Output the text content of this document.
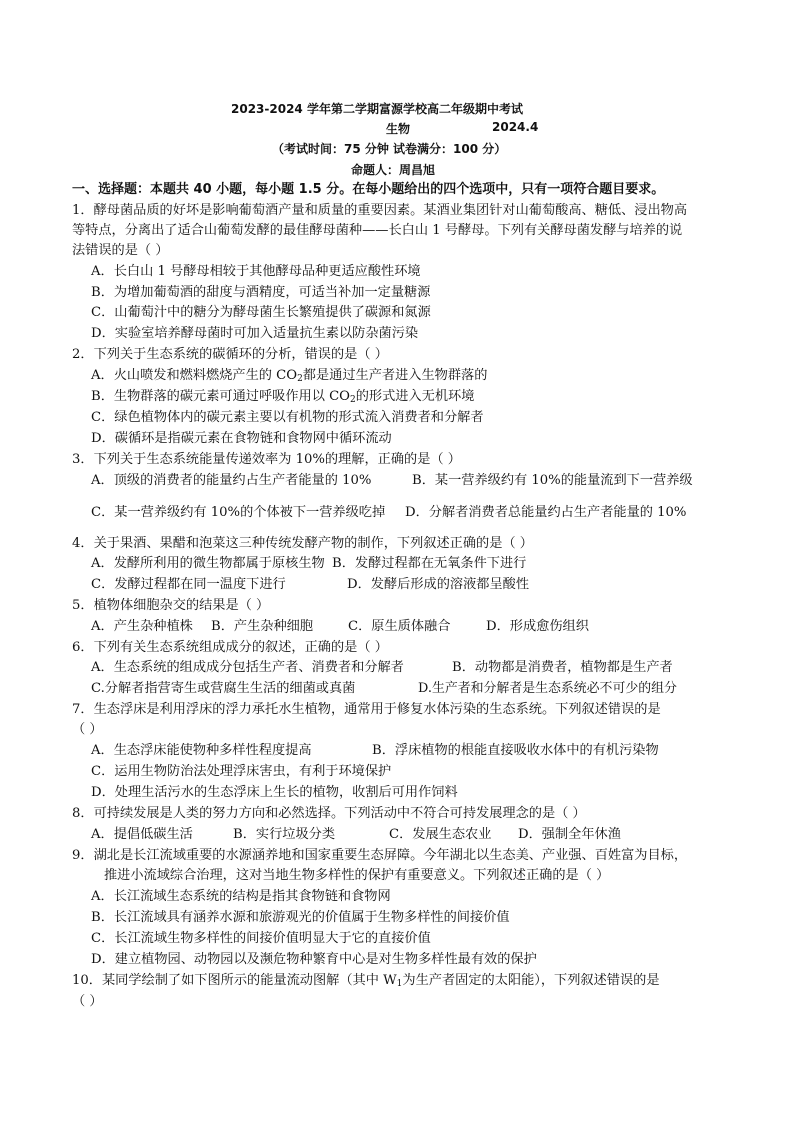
2023-2024 学年第二学期富源学校高二年级期中考试
生物	2024.4
（考试时间：75 分钟 试卷满分：100 分）
命题人：周昌旭
一、选择题：本题共 40 小题，每小题 1.5 分。在每小题给出的四个选项中，只有一项符合题目要求。
1．酵母菌品质的好坏是影响葡萄酒产量和质量的重要因素。某酒业集团针对山葡萄酸高、糖低、浸出物高
等特点，分离出了适合山葡萄发酵的最佳酵母菌种——长白山 1 号酵母。下列有关酵母菌发酵与培养的说
法错误的是（ ）
A．长白山 1 号酵母相较于其他酵母品种更适应酸性环境
B．为增加葡萄酒的甜度与酒精度，可适当补加一定量糖源
C．山葡萄汁中的糖分为酵母菌生长繁殖提供了碳源和氮源
D．实验室培养酵母菌时可加入适量抗生素以防杂菌污染
2．下列关于生态系统的碳循环的分析，错误的是（ ）
A．火山喷发和燃料燃烧产生的 $CO_2$都是通过生产者进入生物群落的
B．生物群落的碳元素可通过呼吸作用以 $CO_2$的形式进入无机环境
C．绿色植物体内的碳元素主要以有机物的形式流入消费者和分解者
D．碳循环是指碳元素在食物链和食物网中循环流动
3．下列关于生态系统能量传递效率为 10%的理解，正确的是（ ）
A．顶级的消费者的能量约占生产者能量的 10%	B．某一营养级约有 10%的能量流到下一营养级
C．某一营养级约有 10%的个体被下一营养级吃掉 D．分解者消费者总能量约占生产者能量的 10%
4．关于果酒、果醋和泡菜这三种传统发酵产物的制作，下列叙述正确的是（ ）
A．发酵所利用的微生物都属于原核生物 B．发酵过程都在无氧条件下进行
C．发酵过程都在同一温度下进行	D．发酵后形成的溶液都呈酸性
5．植物体细胞杂交的结果是（ ）
A．产生杂种植株 B．产生杂种细胞	C．原生质体融合	D．形成愈伤组织
6．下列有关生态系统组成成分的叙述，正确的是（ ）
A．生态系统的组成成分包括生产者、消费者和分解者	B．动物都是消费者，植物都是生产者
C.分解者指营寄生或营腐生生活的细菌或真菌	D.生产者和分解者是生态系统必不可少的组分
7．生态浮床是利用浮床的浮力承托水生植物，通常用于修复水体污染的生态系统。下列叙述错误的是
（ ）
A．生态浮床能使物种多样性程度提高	B．浮床植物的根能直接吸收水体中的有机污染物
C．运用生物防治法处理浮床害虫，有利于环境保护
D．处理生活污水的生态浮床上生长的植物，收割后可用作饲料
8．可持续发展是人类的努力方向和必然选择。下列活动中不符合可持发展理念的是（ ）
A．提倡低碳生活	B．实行垃圾分类	C．发展生态农业 D．强制全年休渔
9．湖北是长江流域重要的水源涵养地和国家重要生态屏障。今年湖北以生态美、产业强、百姓富为目标，
推进小流域综合治理，这对当地生物多样性的保护有重要意义。下列叙述正确的是（ ）
A．长江流域生态系统的结构是指其食物链和食物网
B．长江流域具有涵养水源和旅游观光的价值属于生物多样性的间接价值
C．长江流域生物多样性的间接价值明显大于它的直接价值
D．建立植物园、动物园以及濒危物种繁育中心是对生物多样性最有效的保护
10．某同学绘制了如下图所示的能量流动图解（其中 $W_1$为生产者固定的太阳能），下列叙述错误的是
（ ）
